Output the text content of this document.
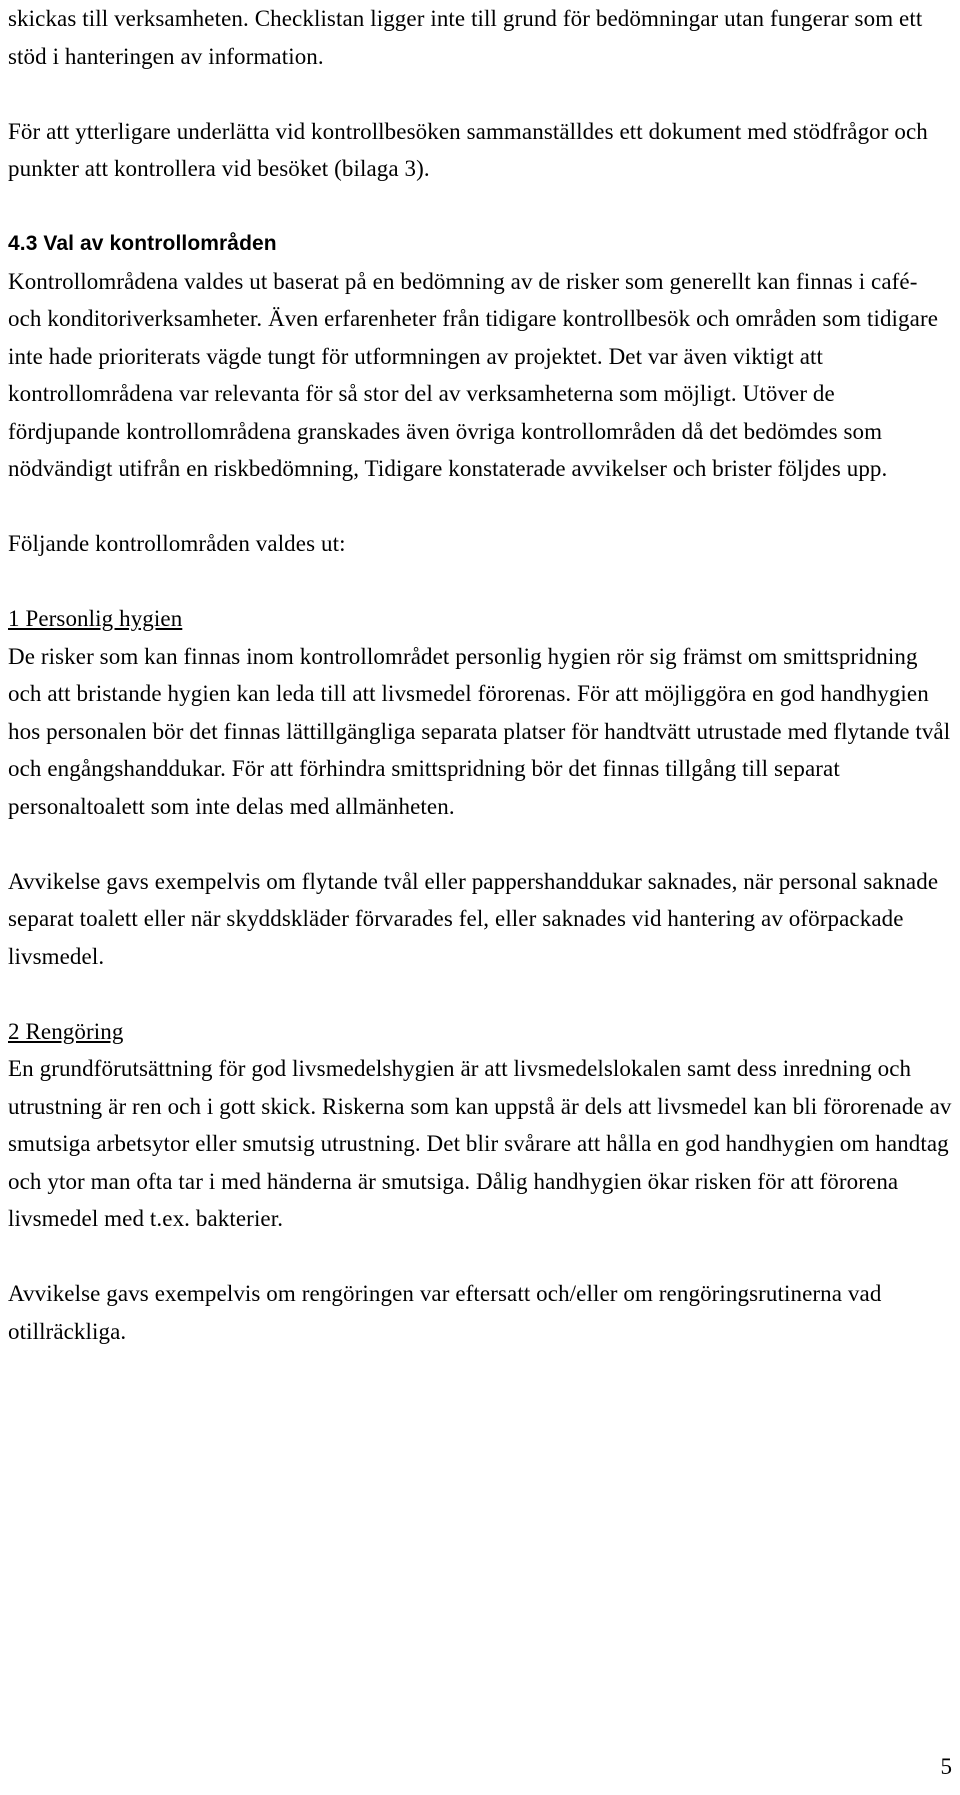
skickas till verksamheten. Checklistan ligger inte till grund för bedömningar utan fungerar som ett stöd i hanteringen av information.

För att ytterligare underlätta vid kontrollbesöken sammanställdes ett dokument med stödfrågor och punkter att kontrollera vid besöket (bilaga 3).

4.3 Val av kontrollområden

Kontrollområdena valdes ut baserat på en bedömning av de risker som generellt kan finnas i café- och konditoriverksamheter. Även erfarenheter från tidigare kontrollbesök och områden som tidigare inte hade prioriterats vägde tungt för utformningen av projektet. Det var även viktigt att kontrollområdena var relevanta för så stor del av verksamheterna som möjligt. Utöver de fördjupande kontrollområdena granskades även övriga kontrollområden då det bedömdes som nödvändigt utifrån en riskbedömning, Tidigare konstaterade avvikelser och brister följdes upp.

Följande kontrollområden valdes ut:

1 Personlig hygien

De risker som kan finnas inom kontrollområdet personlig hygien rör sig främst om smittspridning och att bristande hygien kan leda till att livsmedel förorenas. För att möjliggöra en god handhygien hos personalen bör det finnas lättillgängliga separata platser för handtvätt utrustade med flytande tvål och engångshanddukar. För att förhindra smittspridning bör det finnas tillgång till separat personaltoalett som inte delas med allmänheten.

Avvikelse gavs exempelvis om flytande tvål eller pappershanddukar saknades, när personal saknade separat toalett eller när skyddskläder förvarades fel, eller saknades vid hantering av oförpackade livsmedel.

2 Rengöring

En grundförutsättning för god livsmedelshygien är att livsmedelslokalen samt dess inredning och utrustning är ren och i gott skick. Riskerna som kan uppstå är dels att livsmedel kan bli förorenade av smutsiga arbetsytor eller smutsig utrustning. Det blir svårare att hålla en god handhygien om handtag och ytor man ofta tar i med händerna är smutsiga. Dålig handhygien ökar risken för att förorena livsmedel med t.ex. bakterier.

Avvikelse gavs exempelvis om rengöringen var eftersatt och/eller om rengöringsrutinerna vad otillräckliga.

5
